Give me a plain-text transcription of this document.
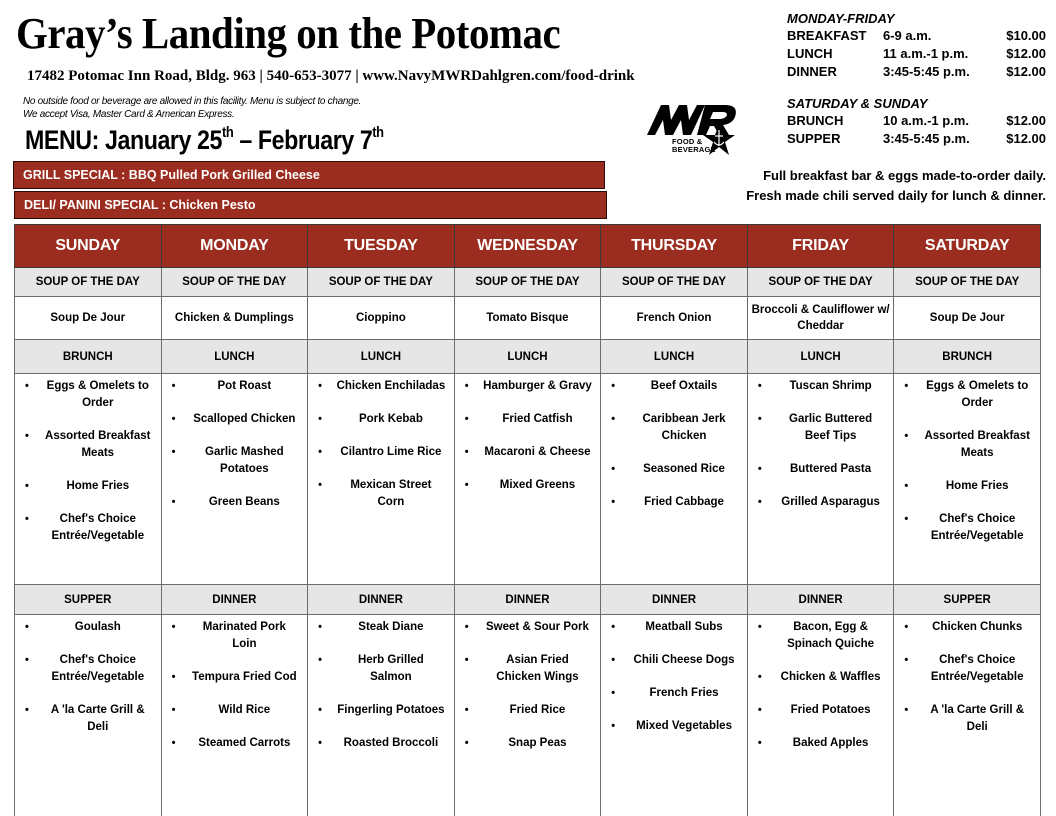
Gray’s Landing on the Potomac
17482 Potomac Inn Road, Bldg. 963 | 540-653-3077 | www.NavyMWRDahlgren.com/food-drink
No outside food or beverage are allowed in this facility. Menu is subject to change.
We accept Visa, Master Card & American Express.
MENU: January 25th – February 7th
FOOD &
BEVERAGE
MONDAY-FRIDAY
BREAKFAST	6-9 a.m.	$10.00
LUNCH	11 a.m.-1 p.m.	$12.00
DINNER	3:45-5:45 p.m.	$12.00
SATURDAY & SUNDAY
BRUNCH	10 a.m.-1 p.m.	$12.00
SUPPER	3:45-5:45 p.m.	$12.00
Full breakfast bar & eggs made-to-order daily.
Fresh made chili served daily for lunch & dinner.
GRILL SPECIAL : BBQ Pulled Pork Grilled Cheese
DELI/ PANINI SPECIAL : Chicken Pesto
SUNDAY	MONDAY	TUESDAY	WEDNESDAY	THURSDAY	FRIDAY	SATURDAY
SOUP OF THE DAY	SOUP OF THE DAY	SOUP OF THE DAY	SOUP OF THE DAY	SOUP OF THE DAY	SOUP OF THE DAY	SOUP OF THE DAY
Soup De Jour	Chicken & Dumplings	Cioppino	Tomato Bisque	French Onion	Broccoli & Cauliflower w/ Cheddar	Soup De Jour
BRUNCH	LUNCH	LUNCH	LUNCH	LUNCH	LUNCH	BRUNCH

• Eggs & Omelets to Order
• Assorted Breakfast Meats
• Home Fries
• Chef's Choice Entrée/Vegetable

• Pot Roast
• Scalloped Chicken
• Garlic Mashed Potatoes
• Green Beans

• Chicken Enchiladas
• Pork Kebab
• Cilantro Lime Rice
• Mexican Street Corn

• Hamburger & Gravy
• Fried Catfish
• Macaroni & Cheese
• Mixed Greens

• Beef Oxtails
• Caribbean Jerk Chicken
• Seasoned Rice
• Fried Cabbage

• Tuscan Shrimp
• Garlic Buttered Beef Tips
• Buttered Pasta
• Grilled Asparagus

• Eggs & Omelets to Order
• Assorted Breakfast Meats
• Home Fries
• Chef's Choice Entrée/Vegetable

SUPPER	DINNER	DINNER	DINNER	DINNER	DINNER	SUPPER

• Goulash
• Chef's Choice Entrée/Vegetable
• A 'la Carte Grill & Deli

• Marinated Pork Loin
• Tempura Fried Cod
• Wild Rice
• Steamed Carrots

• Steak Diane
• Herb Grilled Salmon
• Fingerling Potatoes
• Roasted Broccoli

• Sweet & Sour Pork
• Asian Fried Chicken Wings
• Fried Rice
• Snap Peas

• Meatball Subs
• Chili Cheese Dogs
• French Fries
• Mixed Vegetables

• Bacon, Egg & Spinach Quiche
• Chicken & Waffles
• Fried Potatoes
• Baked Apples

• Chicken Chunks
• Chef's Choice Entrée/Vegetable
• A 'la Carte Grill & Deli
